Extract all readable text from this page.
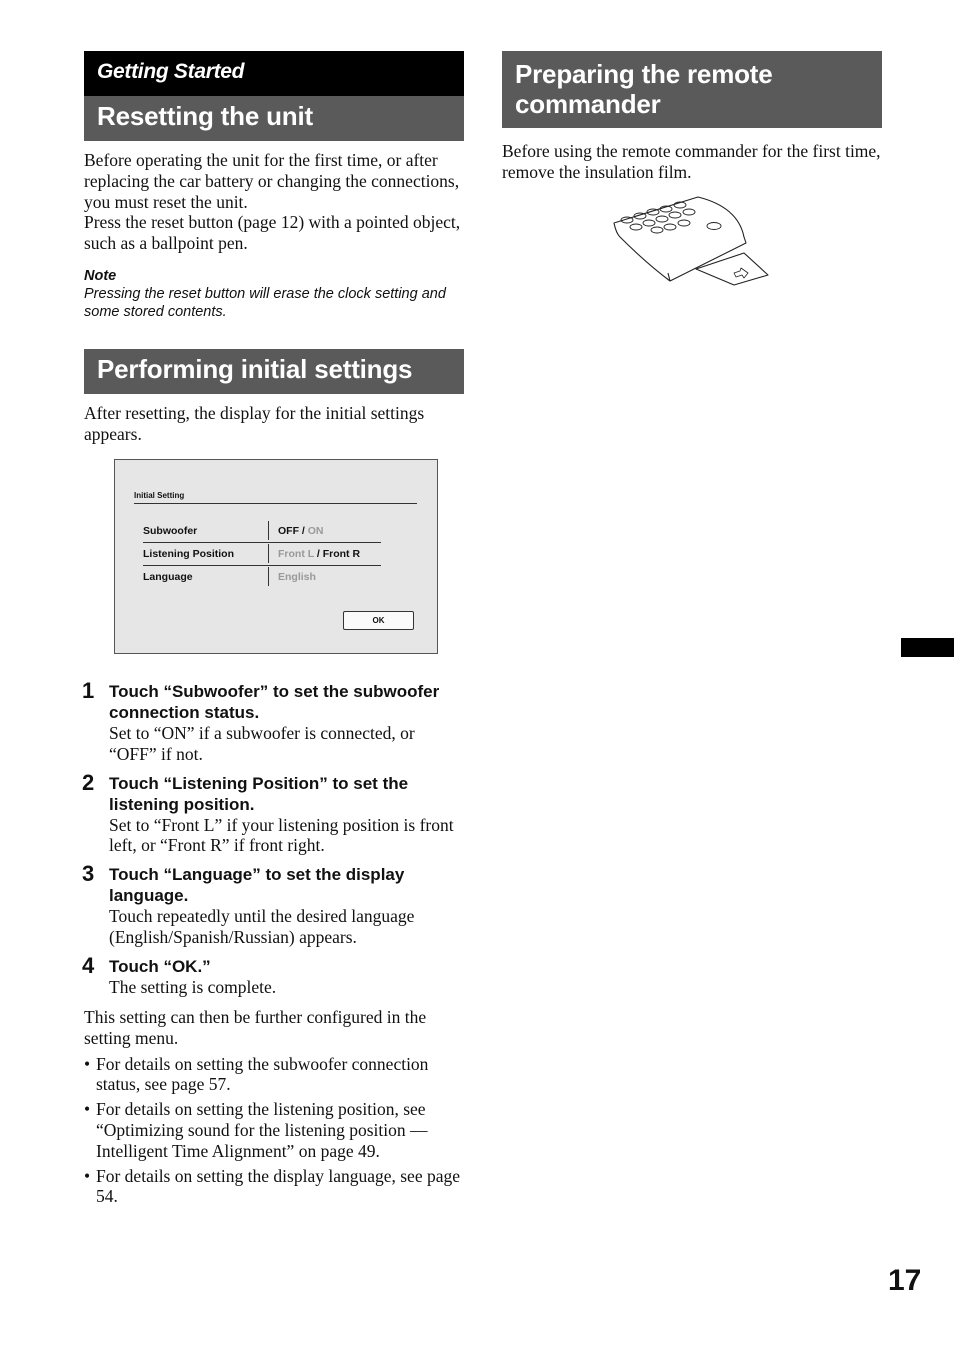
Getting Started
Resetting the unit

Before operating the unit for the first time, or after replacing the car battery or changing the connections, you must reset the unit.

Press the reset button (page 12) with a pointed object, such as a ballpoint pen.

Note
Pressing the reset button will erase the clock setting and some stored contents.
Performing initial settings

After resetting, the display for the initial settings appears.

Initial Setting
Subwoofer	OFF / ON
Listening Position	Front L / Front R
Language	English
OK
1 Touch “Subwoofer” to set the subwoofer connection status.
Set to “ON” if a subwoofer is connected, or “OFF” if not.
2 Touch “Listening Position” to set the listening position.
Set to “Front L” if your listening position is front left, or “Front R” if front right.
3 Touch “Language” to set the display language.
Touch repeatedly until the desired language (English/Spanish/Russian) appears.
4 Touch “OK.”
The setting is complete.

This setting can then be further configured in the setting menu.

• For details on setting the subwoofer connection status, see page 57.
• For details on setting the listening position, see “Optimizing sound for the listening position — Intelligent Time Alignment” on page 49.
• For details on setting the display language, see page 54.
Preparing the remote commander

Before using the remote commander for the first time, remove the insulation film.

17
